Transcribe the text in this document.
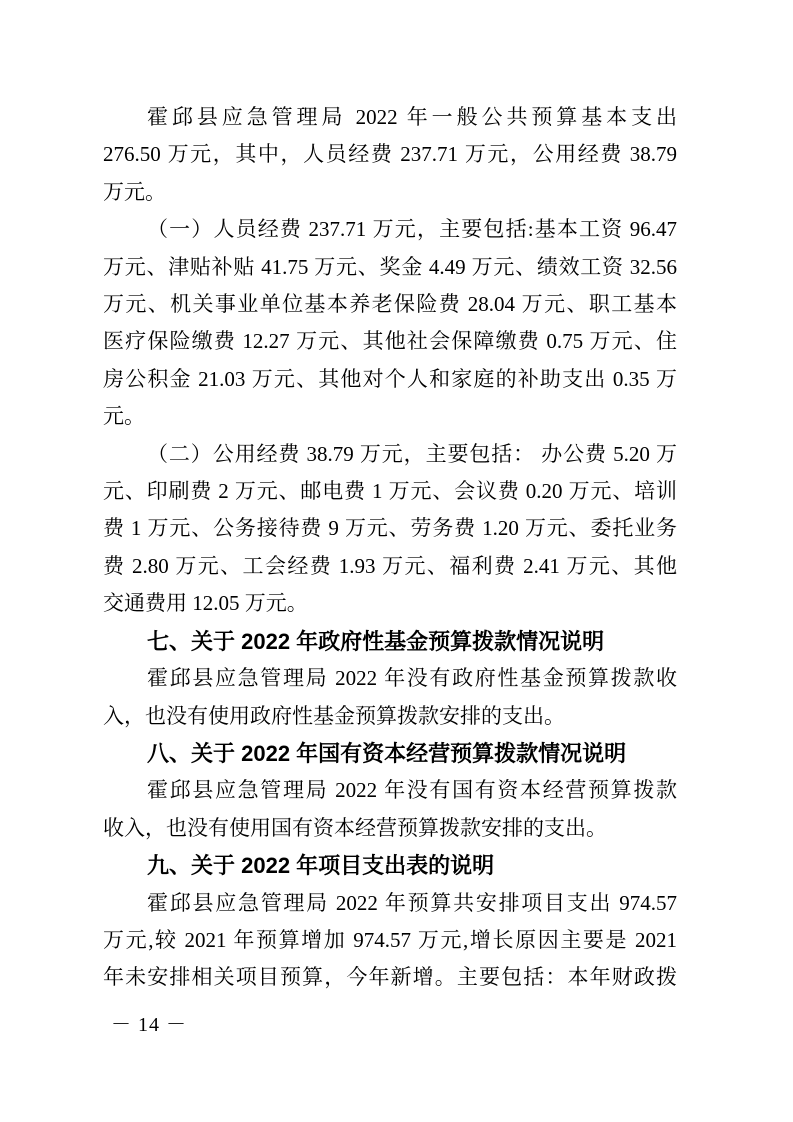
霍邱县应急管理局 2022 年一般公共预算基本支出
276.50 万元，其中，人员经费 237.71 万元，公用经费 38.79
万元。
（一）人员经费 237.71 万元，主要包括:基本工资 96.47
万元、津贴补贴 41.75 万元、奖金 4.49 万元、绩效工资 32.56
万元、机关事业单位基本养老保险费 28.04 万元、职工基本
医疗保险缴费 12.27 万元、其他社会保障缴费 0.75 万元、住
房公积金 21.03 万元、其他对个人和家庭的补助支出 0.35 万
元。
（二）公用经费 38.79 万元，主要包括： 办公费 5.20 万
元、印刷费 2 万元、邮电费 1 万元、会议费 0.20 万元、培训
费 1 万元、公务接待费 9 万元、劳务费 1.20 万元、委托业务
费 2.80 万元、工会经费 1.93 万元、福利费 2.41 万元、其他
交通费用 12.05 万元。
七、关于 2022 年政府性基金预算拨款情况说明
霍邱县应急管理局 2022 年没有政府性基金预算拨款收
入，也没有使用政府性基金预算拨款安排的支出。
八、关于 2022 年国有资本经营预算拨款情况说明
霍邱县应急管理局 2022 年没有国有资本经营预算拨款
收入，也没有使用国有资本经营预算拨款安排的支出。
九、关于 2022 年项目支出表的说明
霍邱县应急管理局 2022 年预算共安排项目支出 974.57
万元,较 2021 年预算增加 974.57 万元,增长原因主要是 2021
年未安排相关项目预算，今年新增。主要包括：本年财政拨
－ 14 －
